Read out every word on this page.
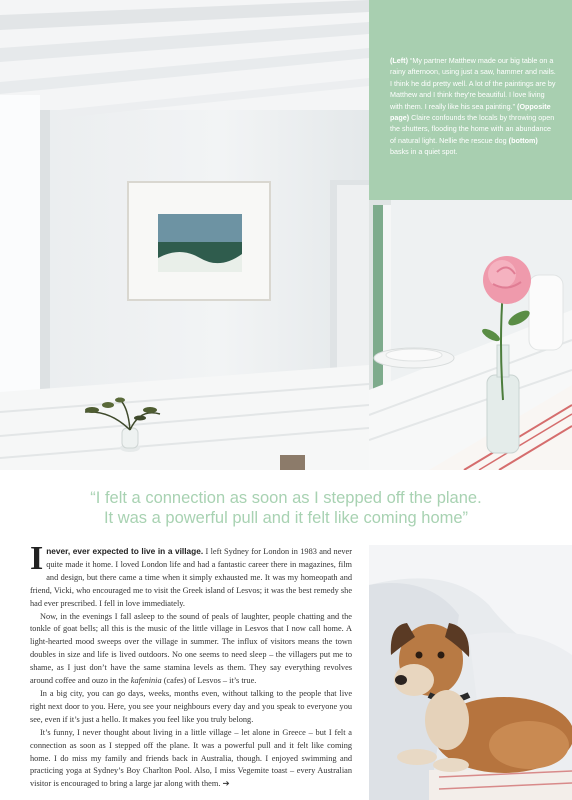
(Left) “My partner Matthew made our big table on a rainy afternoon, using just a saw, hammer and nails. I think he did pretty well. A lot of the paintings are by Matthew and I think they’re beautiful. I love living with them. I really like his sea painting.” (Opposite page) Claire confounds the locals by throwing open the shutters, flooding the home with an abundance of natural light. Nellie the rescue dog (bottom) basks in a quiet spot.

“I felt a connection as soon as I stepped off the plane.
It was a powerful pull and it felt like coming home”

Inever, ever expected to live in a village. I left Sydney for London in 1983 and never quite made it home. I loved London life and had a fantastic career there in magazines, film and design, but there came a time when it simply exhausted me. It was my homeopath and friend, Vicki, who encouraged me to visit the Greek island of Lesvos; it was the best remedy she had ever prescribed. I fell in love immediately.

Now, in the evenings I fall asleep to the sound of peals of laughter, people chatting and the tonkle of goat bells; all this is the music of the little village in Lesvos that I now call home. A light-hearted mood sweeps over the village in summer. The influx of visitors means the town doubles in size and life is lived outdoors. No one seems to need sleep – the villagers put me to shame, as I just don’t have the same stamina levels as them. They say everything revolves around coffee and ouzo in the kafeninia (cafes) of Lesvos – it’s true.

In a big city, you can go days, weeks, months even, without talking to the people that live right next door to you. Here, you see your neighbours every day and you speak to everyone you see, even if it’s just a hello. It makes you feel like you truly belong.

It’s funny, I never thought about living in a little village – let alone in Greece – but I felt a connection as soon as I stepped off the plane. It was a powerful pull and it felt like coming home. I do miss my family and friends back in Australia, though. I enjoyed swimming and practicing yoga at Sydney’s Boy Charlton Pool. Also, I miss Vegemite toast – every Australian visitor is encouraged to bring a large jar along with them. ➔
